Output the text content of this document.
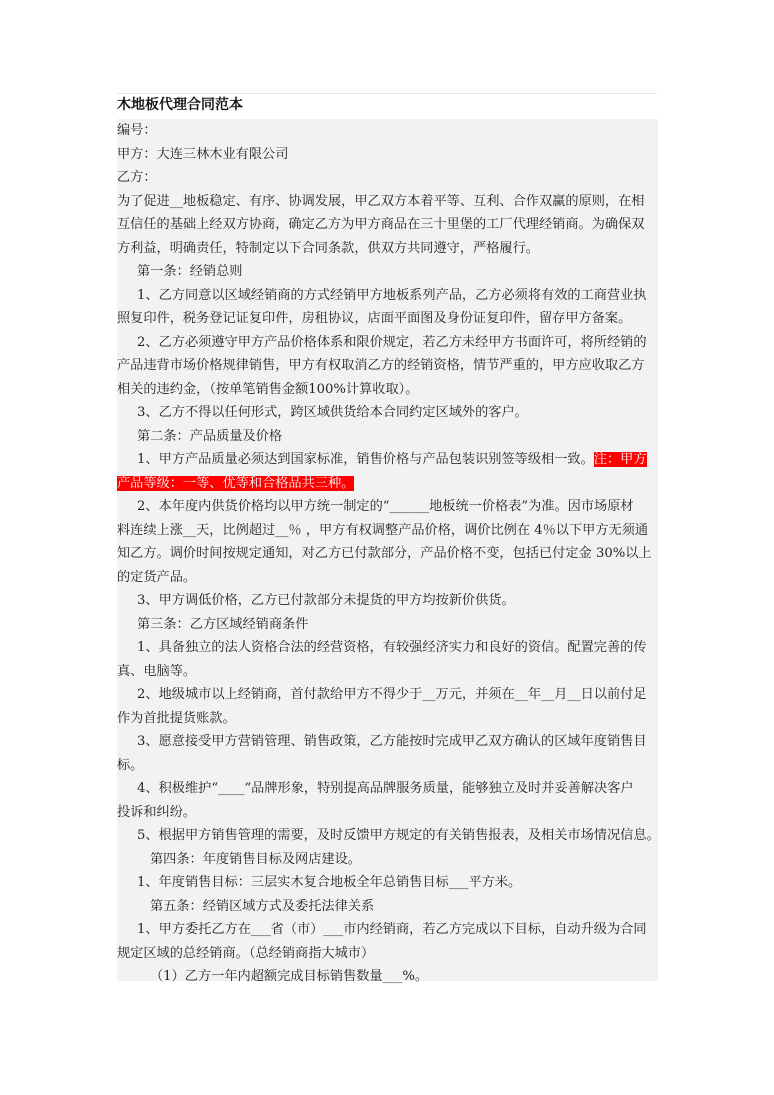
木地板代理合同范本
编号：
甲方：大连三林木业有限公司
乙方：
为了促进__地板稳定、有序、协调发展，甲乙双方本着平等、互利、合作双赢的原则，在相
互信任的基础上经双方协商，确定乙方为甲方商品在三十里堡的工厂代理经销商。为确保双
方利益，明确责任，特制定以下合同条款，供双方共同遵守，严格履行。
第一条：经销总则
1、乙方同意以区域经销商的方式经销甲方地板系列产品，乙方必须将有效的工商营业执
照复印件，税务登记证复印件，房租协议，店面平面图及身份证复印件，留存甲方备案。
2、乙方必须遵守甲方产品价格体系和限价规定，若乙方未经甲方书面许可，将所经销的
产品违背市场价格规律销售，甲方有权取消乙方的经销资格，情节严重的，甲方应收取乙方
相关的违约金，（按单笔销售金额100%计算收取）。
3、乙方不得以任何形式，跨区域供货给本合同约定区域外的客户。
第二条：产品质量及价格
1、甲方产品质量必须达到国家标准，销售价格与产品包装识别签等级相一致。注：甲方
产品等级：一等、优等和合格品共三种。
2、本年度内供货价格均以甲方统一制定的“______地板统一价格表”为准。因市场原材
料连续上涨__天，比例超过__％ ，甲方有权调整产品价格，调价比例在 4％以下甲方无须通
知乙方。调价时间按规定通知，对乙方已付款部分，产品价格不变，包括已付定金 30%以上
的定货产品。
3、甲方调低价格，乙方已付款部分未提货的甲方均按新价供货。
第三条：乙方区域经销商条件
1、具备独立的法人资格合法的经营资格，有较强经济实力和良好的资信。配置完善的传
真、电脑等。
2、地级城市以上经销商，首付款给甲方不得少于__万元，并须在__年__月__日以前付足
作为首批提货账款。
3、愿意接受甲方营销管理、销售政策，乙方能按时完成甲乙双方确认的区域年度销售目
标。
4、积极维护“____”品牌形象，特别提高品牌服务质量，能够独立及时并妥善解决客户
投诉和纠纷。
5、根据甲方销售管理的需要，及时反馈甲方规定的有关销售报表，及相关市场情况信息。
第四条：年度销售目标及网店建设。
1、年度销售目标：三层实木复合地板全年总销售目标___平方米。
第五条：经销区域方式及委托法律关系
1、甲方委托乙方在___省（市）___市内经销商，若乙方完成以下目标，自动升级为合同
规定区域的总经销商。（总经销商指大城市）
（1）乙方一年内超额完成目标销售数量___%。
